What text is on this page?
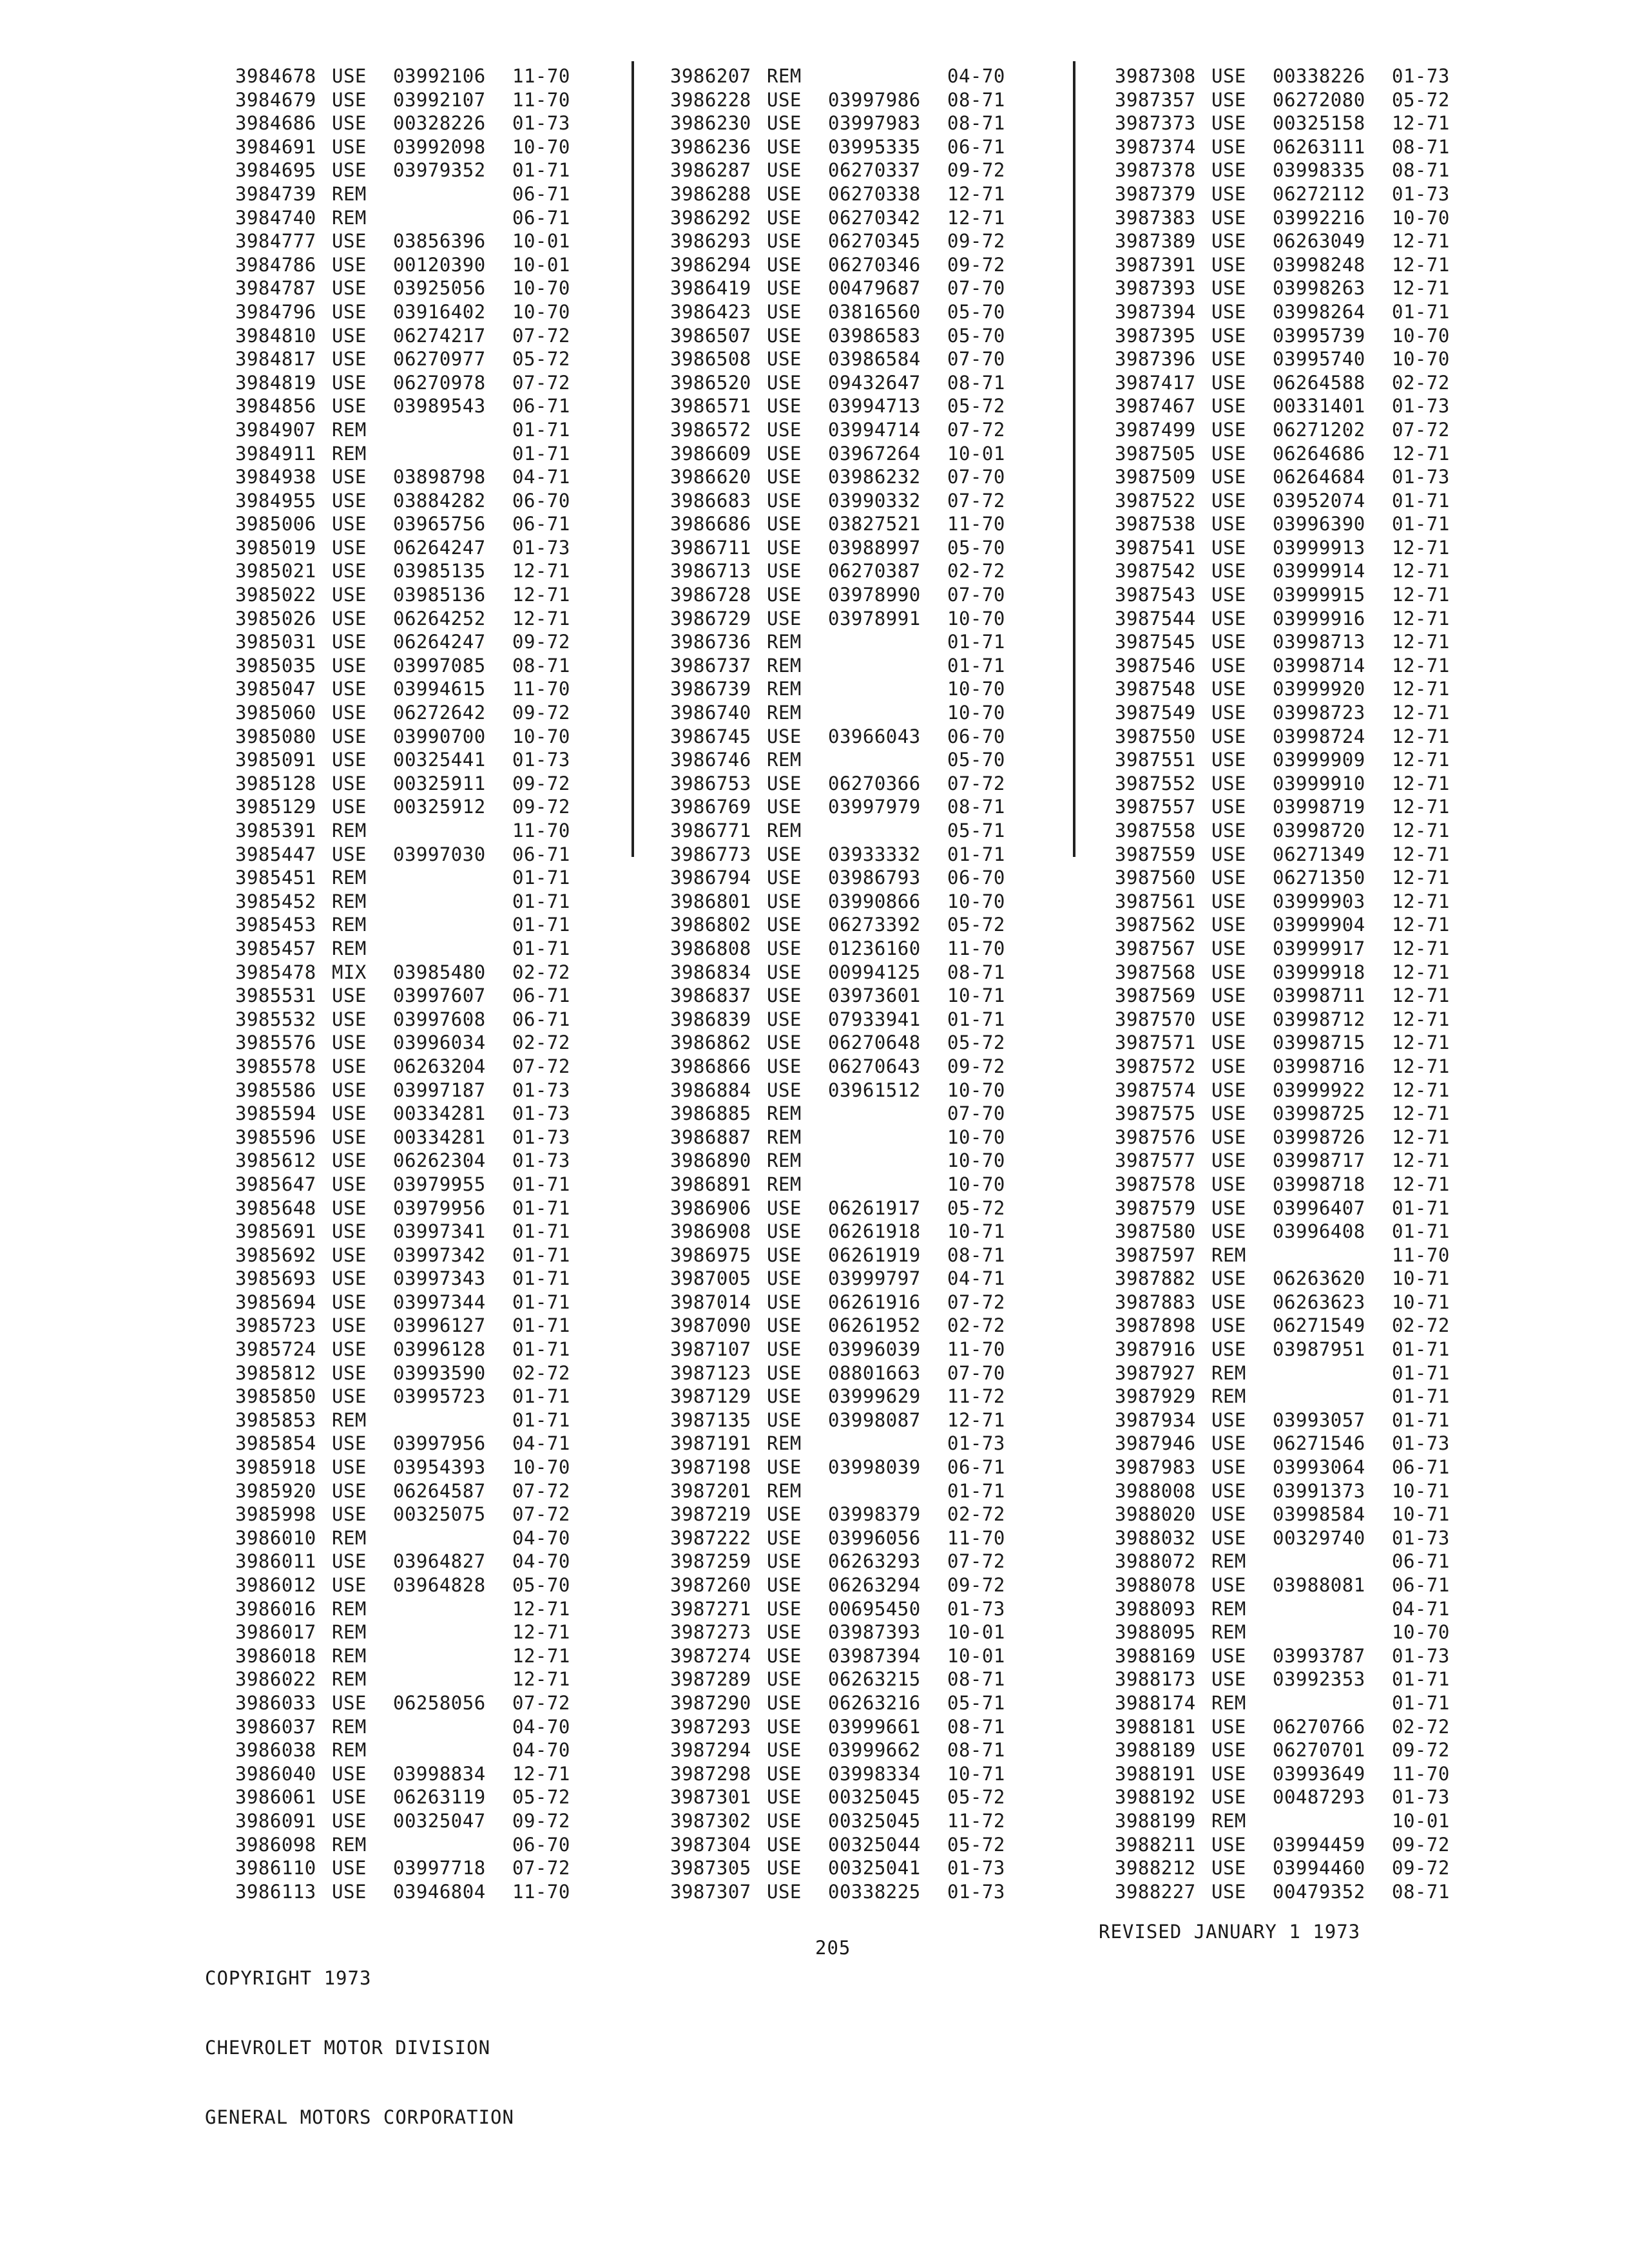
3984678 USE 03992106 11-70
3984679 USE 03992107 11-70
3984686 USE 00328226 01-73
3984691 USE 03992098 10-70
3984695 USE 03979352 01-71
3984739 REM	06-71
3984740 REM	06-71
3984777 USE 03856396 10-01
3984786 USE 00120390 10-01
3984787 USE 03925056 10-70
3984796 USE 03916402 10-70
3984810 USE 06274217 07-72
3984817 USE 06270977 05-72
3984819 USE 06270978 07-72
3984856 USE 03989543 06-71
3984907 REM	01-71
3984911 REM	01-71
3984938 USE 03898798 04-71
3984955 USE 03884282 06-70
3985006 USE 03965756 06-71
3985019 USE 06264247 01-73
3985021 USE 03985135 12-71
3985022 USE 03985136 12-71
3985026 USE 06264252 12-71
3985031 USE 06264247 09-72
3985035 USE 03997085 08-71
3985047 USE 03994615 11-70
3985060 USE 06272642 09-72
3985080 USE 03990700 10-70
3985091 USE 00325441 01-73
3985128 USE 00325911 09-72
3985129 USE 00325912 09-72
3985391 REM	11-70
3985447 USE 03997030 06-71
3985451 REM	01-71
3985452 REM	01-71
3985453 REM	01-71
3985457 REM	01-71
3985478 MIX 03985480 02-72
3985531 USE 03997607 06-71
3985532 USE 03997608 06-71
3985576 USE 03996034 02-72
3985578 USE 06263204 07-72
3985586 USE 03997187 01-73
3985594 USE 00334281 01-73
3985596 USE 00334281 01-73
3985612 USE 06262304 01-73
3985647 USE 03979955 01-71
3985648 USE 03979956 01-71
3985691 USE 03997341 01-71
3985692 USE 03997342 01-71
3985693 USE 03997343 01-71
3985694 USE 03997344 01-71
3985723 USE 03996127 01-71
3985724 USE 03996128 01-71
3985812 USE 03993590 02-72
3985850 USE 03995723 01-71
3985853 REM	01-71
3985854 USE 03997956 04-71
3985918 USE 03954393 10-70
3985920 USE 06264587 07-72
3985998 USE 00325075 07-72
3986010 REM	04-70
3986011 USE 03964827 04-70
3986012 USE 03964828 05-70
3986016 REM	12-71
3986017 REM	12-71
3986018 REM	12-71
3986022 REM	12-71
3986033 USE 06258056 07-72
3986037 REM	04-70
3986038 REM	04-70
3986040 USE 03998834 12-71
3986061 USE 06263119 05-72
3986091 USE 00325047 09-72
3986098 REM	06-70
3986110 USE 03997718 07-72
3986113 USE 03946804 11-70
3986207 REM	04-70
3986228 USE 03997986 08-71
3986230 USE 03997983 08-71
3986236 USE 03995335 06-71
3986287 USE 06270337 09-72
3986288 USE 06270338 12-71
3986292 USE 06270342 12-71
3986293 USE 06270345 09-72
3986294 USE 06270346 09-72
3986419 USE 00479687 07-70
3986423 USE 03816560 05-70
3986507 USE 03986583 05-70
3986508 USE 03986584 07-70
3986520 USE 09432647 08-71
3986571 USE 03994713 05-72
3986572 USE 03994714 07-72
3986609 USE 03967264 10-01
3986620 USE 03986232 07-70
3986683 USE 03990332 07-72
3986686 USE 03827521 11-70
3986711 USE 03988997 05-70
3986713 USE 06270387 02-72
3986728 USE 03978990 07-70
3986729 USE 03978991 10-70
3986736 REM	01-71
3986737 REM	01-71
3986739 REM	10-70
3986740 REM	10-70
3986745 USE 03966043 06-70
3986746 REM	05-70
3986753 USE 06270366 07-72
3986769 USE 03997979 08-71
3986771 REM	05-71
3986773 USE 03933332 01-71
3986794 USE 03986793 06-70
3986801 USE 03990866 10-70
3986802 USE 06273392 05-72
3986808 USE 01236160 11-70
3986834 USE 00994125 08-71
3986837 USE 03973601 10-71
3986839 USE 07933941 01-71
3986862 USE 06270648 05-72
3986866 USE 06270643 09-72
3986884 USE 03961512 10-70
3986885 REM	07-70
3986887 REM	10-70
3986890 REM	10-70
3986891 REM	10-70
3986906 USE 06261917 05-72
3986908 USE 06261918 10-71
3986975 USE 06261919 08-71
3987005 USE 03999797 04-71
3987014 USE 06261916 07-72
3987090 USE 06261952 02-72
3987107 USE 03996039 11-70
3987123 USE 08801663 07-70
3987129 USE 03999629 11-72
3987135 USE 03998087 12-71
3987191 REM	01-73
3987198 USE 03998039 06-71
3987201 REM	01-71
3987219 USE 03998379 02-72
3987222 USE 03996056 11-70
3987259 USE 06263293 07-72
3987260 USE 06263294 09-72
3987271 USE 00695450 01-73
3987273 USE 03987393 10-01
3987274 USE 03987394 10-01
3987289 USE 06263215 08-71
3987290 USE 06263216 05-71
3987293 USE 03999661 08-71
3987294 USE 03999662 08-71
3987298 USE 03998334 10-71
3987301 USE 00325045 05-72
3987302 USE 00325045 11-72
3987304 USE 00325044 05-72
3987305 USE 00325041 01-73
3987307 USE 00338225 01-73
3987308 USE 00338226 01-73
3987357 USE 06272080 05-72
3987373 USE 00325158 12-71
3987374 USE 06263111 08-71
3987378 USE 03998335 08-71
3987379 USE 06272112 01-73
3987383 USE 03992216 10-70
3987389 USE 06263049 12-71
3987391 USE 03998248 12-71
3987393 USE 03998263 12-71
3987394 USE 03998264 01-71
3987395 USE 03995739 10-70
3987396 USE 03995740 10-70
3987417 USE 06264588 02-72
3987467 USE 00331401 01-73
3987499 USE 06271202 07-72
3987505 USE 06264686 12-71
3987509 USE 06264684 01-73
3987522 USE 03952074 01-71
3987538 USE 03996390 01-71
3987541 USE 03999913 12-71
3987542 USE 03999914 12-71
3987543 USE 03999915 12-71
3987544 USE 03999916 12-71
3987545 USE 03998713 12-71
3987546 USE 03998714 12-71
3987548 USE 03999920 12-71
3987549 USE 03998723 12-71
3987550 USE 03998724 12-71
3987551 USE 03999909 12-71
3987552 USE 03999910 12-71
3987557 USE 03998719 12-71
3987558 USE 03998720 12-71
3987559 USE 06271349 12-71
3987560 USE 06271350 12-71
3987561 USE 03999903 12-71
3987562 USE 03999904 12-71
3987567 USE 03999917 12-71
3987568 USE 03999918 12-71
3987569 USE 03998711 12-71
3987570 USE 03998712 12-71
3987571 USE 03998715 12-71
3987572 USE 03998716 12-71
3987574 USE 03999922 12-71
3987575 USE 03998725 12-71
3987576 USE 03998726 12-71
3987577 USE 03998717 12-71
3987578 USE 03998718 12-71
3987579 USE 03996407 01-71
3987580 USE 03996408 01-71
3987597 REM	11-70
3987882 USE 06263620 10-71
3987883 USE 06263623 10-71
3987898 USE 06271549 02-72
3987916 USE 03987951 01-71
3987927 REM	01-71
3987929 REM	01-71
3987934 USE 03993057 01-71
3987946 USE 06271546 01-73
3987983 USE 03993064 06-71
3988008 USE 03991373 10-71
3988020 USE 03998584 10-71
3988032 USE 00329740 01-73
3988072 REM	06-71
3988078 USE 03988081 06-71
3988093 REM	04-71
3988095 REM	10-70
3988169 USE 03993787 01-73
3988173 USE 03992353 01-71
3988174 REM	01-71
3988181 USE 06270766 02-72
3988189 USE 06270701 09-72
3988191 USE 03993649 11-70
3988192 USE 00487293 01-73
3988199 REM	10-01
3988211 USE 03994459 09-72
3988212 USE 03994460 09-72
3988227 USE 00479352 08-71

COPYRIGHT 1973

CHEVROLET MOTOR DIVISION

GENERAL MOTORS CORPORATION

205
REVISED JANUARY 1 1973
